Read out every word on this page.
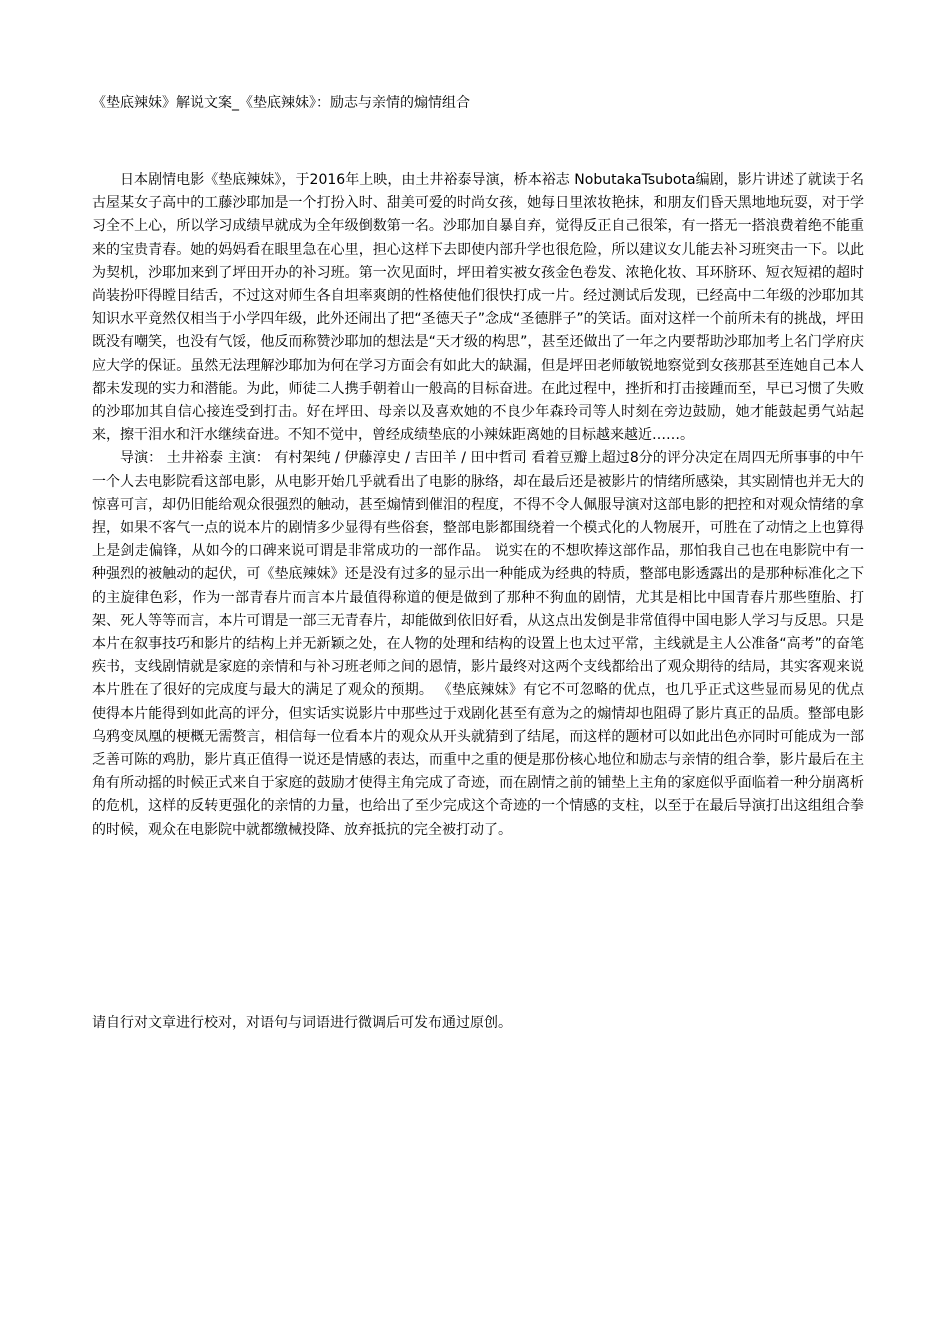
《垫底辣妹》解说文案_《垫底辣妹》：励志与亲情的煽情组合

日本剧情电影《垫底辣妹》，于2016年上映，由土井裕泰导演，桥本裕志 NobutakaTsubota编剧，影片讲述了就读于名古屋某女子高中的工藤沙耶加是一个打扮入时、甜美可爱的时尚女孩，她每日里浓妆艳抹，和朋友们昏天黑地地玩耍，对于学习全不上心，所以学习成绩早就成为全年级倒数第一名。沙耶加自暴自弃，觉得反正自己很笨，有一搭无一搭浪费着绝不能重来的宝贵青春。她的妈妈看在眼里急在心里，担心这样下去即使内部升学也很危险，所以建议女儿能去补习班突击一下。以此为契机，沙耶加来到了坪田开办的补习班。第一次见面时，坪田着实被女孩金色卷发、浓艳化妆、耳环脐环、短衣短裙的超时尚装扮吓得瞠目结舌，不过这对师生各自坦率爽朗的性格使他们很快打成一片。经过测试后发现，已经高中二年级的沙耶加其知识水平竟然仅相当于小学四年级，此外还闹出了把“圣德天子”念成“圣德胖子”的笑话。面对这样一个前所未有的挑战，坪田既没有嘲笑，也没有气馁，他反而称赞沙耶加的想法是“天才级的构思”，甚至还做出了一年之内要帮助沙耶加考上名门学府庆应大学的保证。虽然无法理解沙耶加为何在学习方面会有如此大的缺漏，但是坪田老师敏锐地察觉到女孩那甚至连她自己本人都未发现的实力和潜能。为此，师徒二人携手朝着山一般高的目标奋进。在此过程中，挫折和打击接踵而至，早已习惯了失败的沙耶加其自信心接连受到打击。好在坪田、母亲以及喜欢她的不良少年森玲司等人时刻在旁边鼓励，她才能鼓起勇气站起来，擦干泪水和汗水继续奋进。不知不觉中，曾经成绩垫底的小辣妹距离她的目标越来越近……。

导演： 土井裕泰 主演： 有村架纯 / 伊藤淳史 / 吉田羊 / 田中哲司 看着豆瓣上超过8分的评分决定在周四无所事事的中午一个人去电影院看这部电影，从电影开始几乎就看出了电影的脉络，却在最后还是被影片的情绪所感染，其实剧情也并无大的惊喜可言，却仍旧能给观众很强烈的触动，甚至煽情到催泪的程度，不得不令人佩服导演对这部电影的把控和对观众情绪的拿捏，如果不客气一点的说本片的剧情多少显得有些俗套，整部电影都围绕着一个模式化的人物展开，可胜在了动情之上也算得上是剑走偏锋，从如今的口碑来说可谓是非常成功的一部作品。 说实在的不想吹捧这部作品，那怕我自己也在电影院中有一种强烈的被触动的起伏，可《垫底辣妹》还是没有过多的显示出一种能成为经典的特质，整部电影透露出的是那种标准化之下的主旋律色彩，作为一部青春片而言本片最值得称道的便是做到了那种不狗血的剧情，尤其是相比中国青春片那些堕胎、打架、死人等等而言，本片可谓是一部三无青春片，却能做到依旧好看，从这点出发倒是非常值得中国电影人学习与反思。只是本片在叙事技巧和影片的结构上并无新颖之处，在人物的处理和结构的设置上也太过平常，主线就是主人公准备“高考”的奋笔疾书，支线剧情就是家庭的亲情和与补习班老师之间的恩情，影片最终对这两个支线都给出了观众期待的结局，其实客观来说本片胜在了很好的完成度与最大的满足了观众的预期。 《垫底辣妹》有它不可忽略的优点，也几乎正式这些显而易见的优点使得本片能得到如此高的评分，但实话实说影片中那些过于戏剧化甚至有意为之的煽情却也阻碍了影片真正的品质。整部电影乌鸦变凤凰的梗概无需赘言，相信每一位看本片的观众从开头就猜到了结尾，而这样的题材可以如此出色亦同时可能成为一部乏善可陈的鸡肋，影片真正值得一说还是情感的表达，而重中之重的便是那份核心地位和励志与亲情的组合拳，影片最后在主角有所动摇的时候正式来自于家庭的鼓励才使得主角完成了奇迹，而在剧情之前的铺垫上主角的家庭似乎面临着一种分崩离析的危机，这样的反转更强化的亲情的力量，也给出了至少完成这个奇迹的一个情感的支柱，以至于在最后导演打出这组组合拳的时候，观众在电影院中就都缴械投降、放弃抵抗的完全被打动了。

请自行对文章进行校对，对语句与词语进行微调后可发布通过原创。
